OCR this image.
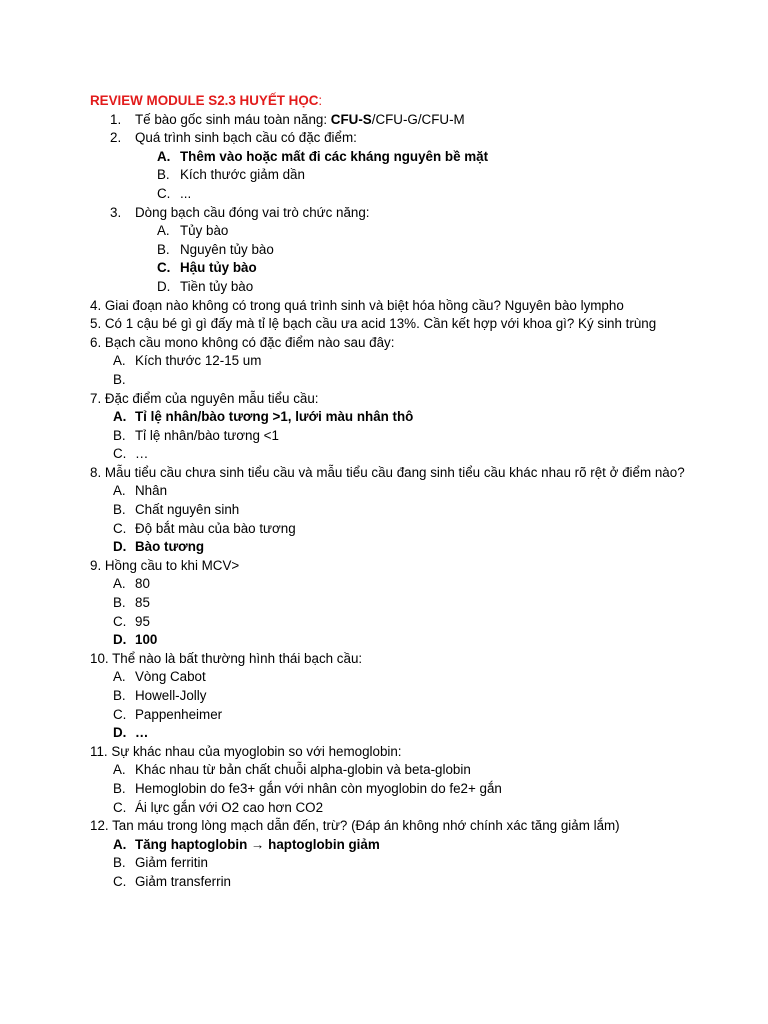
REVIEW MODULE S2.3 HUYẾT HỌC:
1.	Tế bào gốc sinh máu toàn năng: CFU-S/CFU-G/CFU-M
2.	Quá trình sinh bạch cầu có đặc điểm:
A. Thêm vào hoặc mất đi các kháng nguyên bề mặt
B. Kích thước giảm dần
C. ...
3.	Dòng bạch cầu đóng vai trò chức năng:
A. Tủy bào
B. Nguyên tủy bào
C. Hậu tủy bào
D. Tiền tủy bào
4. Giai đoạn nào không có trong quá trình sinh và biệt hóa hồng cầu? Nguyên bào lympho
5. Có 1 cậu bé gì gì đấy mà tỉ lệ bạch cầu ưa acid 13%. Cần kết hợp với khoa gì? Ký sinh trùng
6. Bạch cầu mono không có đặc điểm nào sau đây:
A. Kích thước 12-15 um
B.
7. Đặc điểm của nguyên mẫu tiểu cầu:
A. Tỉ lệ nhân/bào tương >1, lưới màu nhân thô
B. Tỉ lệ nhân/bào tương <1
C. …
8. Mẫu tiểu cầu chưa sinh tiểu cầu và mẫu tiểu cầu đang sinh tiểu cầu khác nhau rõ rệt ở điểm nào?
A. Nhân
B. Chất nguyên sinh
C. Độ bắt màu của bào tương
D. Bào tương
9. Hồng cầu to khi MCV>
A. 80
B. 85
C. 95
D. 100
10. Thể nào là bất thường hình thái bạch cầu:
A. Vòng Cabot
B. Howell-Jolly
C. Pappenheimer
D. …
11. Sự khác nhau của myoglobin so với hemoglobin:
A. Khác nhau từ bản chất chuỗi alpha-globin và beta-globin
B. Hemoglobin do fe3+ gắn với nhân còn myoglobin do fe2+ gắn
C. Ái lực gắn với O2 cao hơn CO2
12. Tan máu trong lòng mạch dẫn đến, trừ? (Đáp án không nhớ chính xác tăng giảm lắm)
A. Tăng haptoglobin → haptoglobin giảm
B. Giảm ferritin
C. Giảm transferrin
